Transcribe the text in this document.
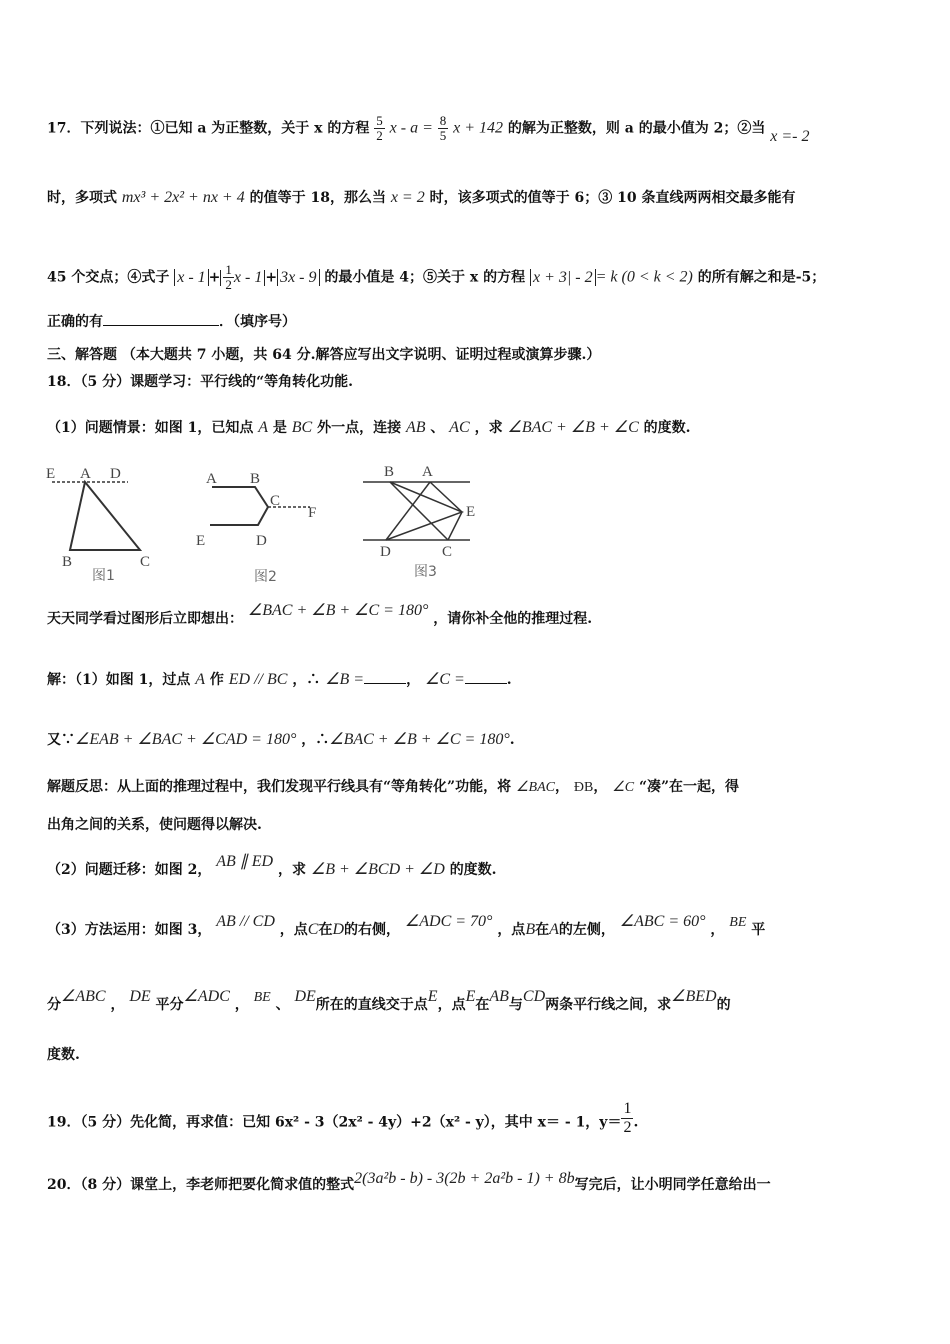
17．下列说法：①已知 a 为正整数，关于 x 的方程 $\frac{5}{2}$ $x - a = \frac{8}{5}$ x + 142 的解为正整数，则 a 的最小值为 2；②当 x =- 2
时，多项式 mx³ + 2x² + nx + 4 的值等于 18，那么当 x = 2 时，该多项式的值等于 6；③ 10 条直线两两相交最多能有
45 个交点；④式子 $x - 1 + \frac{1}{2}$ x - 1 + 3x - 9 的最小值是 4；⑤关于 x 的方程 x + 3| - 2 = k (0 < k < 2) 的所有解之和是-5；
正确的有	．（填序号）
三、解答题 （本大题共 7 小题，共 64 分.解答应写出文字说明、证明过程或演算步骤.）
18．（5 分）课题学习：平行线的“等角转化功能.
（1）问题情景：如图 1，已知点 A 是 BC 外一点，连接 AB 、 AC ，求 ∠BAC + ∠B + ∠C 的度数.
E A D
B	C
图1
A B
C
F
E	D
图2
B A
E
D	C
图3
天天同学看过图形后立即想出： ∠BAC + ∠B + ∠C = 180° ，请你补全他的推理过程.
解：（1）如图 1，过点 A 作 ED // BC ，∴ ∠B =	， ∠C =	.
又∵∠EAB + ∠BAC + ∠CAD = 180° ，∴∠BAC + ∠B + ∠C = 180°.
解题反思：从上面的推理过程中，我们发现平行线具有“等角转化”功能，将 ∠BAC， ÐB， ∠C “凑”在一起，得
出角之间的关系，使问题得以解决.
（2）问题迁移：如图 2， AB ∥ ED ，求 ∠B + ∠BCD + ∠D 的度数.
（3）方法运用：如图 3， AB // CD ，点C在D的右侧， ∠ADC = 70° ，点B在A的左侧， ∠ABC = 60° ， BE 平
分∠ABC ， DE 平分∠ADC ， BE 、 DE所在的直线交于点E，点E在AB与CD两条平行线之间，求∠BED的
度数.
19．（5 分）先化简，再求值：已知 6x² - 3（2x² - 4y）+2（x² - y），其中 x＝ - 1，$y= \frac{1}{2}$ .
20．（8 分）课堂上，李老师把要化简求值的整式2(3a²b - b) - 3(2b + 2a²b - 1) + 8b写完后，让小明同学任意给出一
